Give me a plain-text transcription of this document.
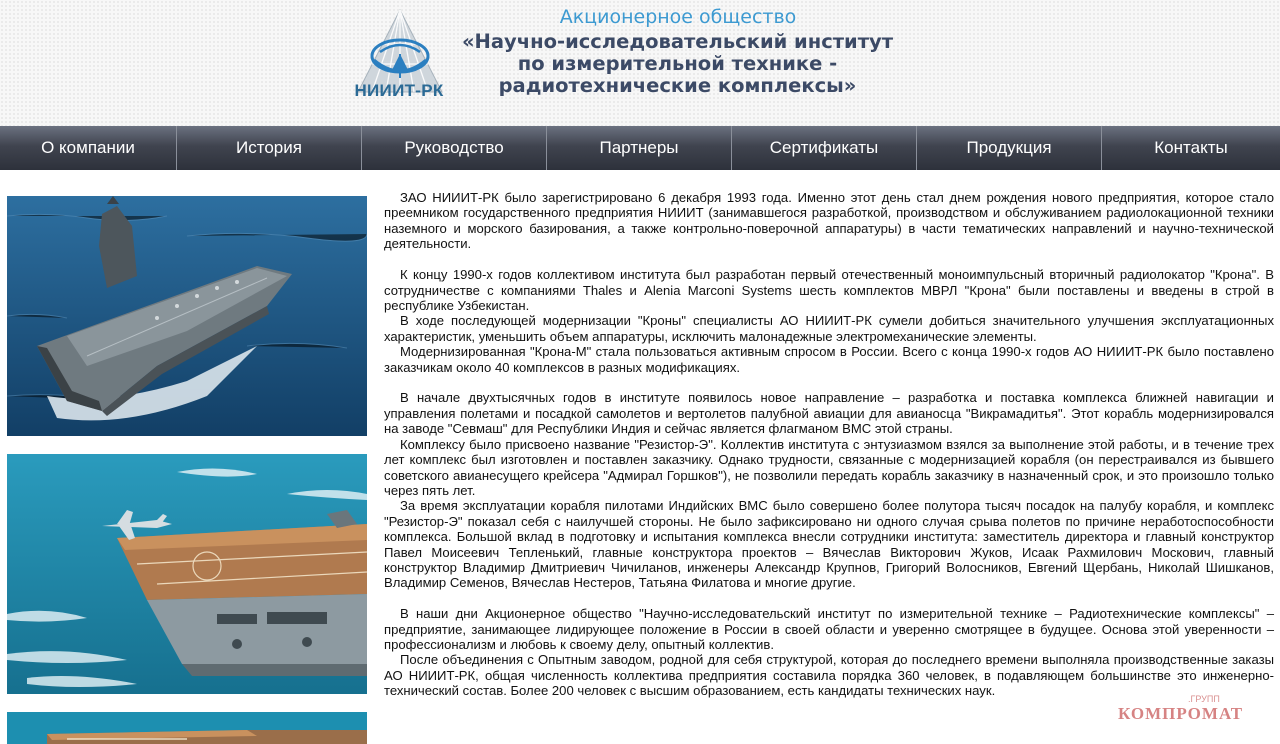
НИИИТ-РК
Акционерное общество
«Научно-исследовательский институт
по измерительной технике -
радиотехнические комплексы»
О компании	История	Руководство	Партнеры	Сертификаты	Продукция	Контакты

ЗАО НИИИТ-РК было зарегистрировано 6 декабря 1993 года. Именно этот день стал днем рождения нового предприятия, которое стало преемником государственного предприятия НИИИТ (занимавшегося разработкой, производством и обслуживанием радиолокационной техники наземного и морского базирования, а также контрольно-поверочной аппаратуры) в части тематических направлений и научно-технической деятельности.

К концу 1990-х годов коллективом института был разработан первый отечественный моноимпульсный вторичный радиолокатор "Крона". В сотрудничестве с компаниями Thales и Alenia Marconi Systems шесть комплектов МВРЛ "Крона" были поставлены и введены в строй в республике Узбекистан.

В ходе последующей модернизации "Кроны" специалисты АО НИИИТ-РК сумели добиться значительного улучшения эксплуатационных характеристик, уменьшить объем аппаратуры, исключить малонадежные электромеханические элементы.

Модернизированная "Крона-М" стала пользоваться активным спросом в России. Всего с конца 1990-х годов АО НИИИТ-РК было поставлено заказчикам около 40 комплексов в разных модификациях.

В начале двухтысячных годов в институте появилось новое направление – разработка и поставка комплекса ближней навигации и управления полетами и посадкой самолетов и вертолетов палубной авиации для авианосца "Викрамадитья". Этот корабль модернизировался на заводе "Севмаш" для Республики Индия и сейчас является флагманом ВМС этой страны.

Комплексу было присвоено название "Резистор-Э". Коллектив института с энтузиазмом взялся за выполнение этой работы, и в течение трех лет комплекс был изготовлен и поставлен заказчику. Однако трудности, связанные с модернизацией корабля (он перестраивался из бывшего советского авианесущего крейсера "Адмирал Горшков"), не позволили передать корабль заказчику в назначенный срок, и это произошло только через пять лет.

За время эксплуатации корабля пилотами Индийских ВМС было совершено более полутора тысяч посадок на палубу корабля, и комплекс "Резистор-Э" показал себя с наилучшей стороны. Не было зафиксировано ни одного случая срыва полетов по причине неработоспособности комплекса. Большой вклад в подготовку и испытания комплекса внесли сотрудники института: заместитель директора и главный конструктор Павел Моисеевич Тепленький, главные конструктора проектов – Вячеслав Викторович Жуков, Исаак Рахмилович Москович, главный конструктор Владимир Дмитриевич Чичиланов, инженеры Александр Крупнов, Григорий Волосников, Евгений Щербань, Николай Шишканов, Владимир Семенов, Вячеслав Нестеров, Татьяна Филатова и многие другие.

В наши дни Акционерное общество "Научно-исследовательский институт по измерительной технике – Радиотехнические комплексы" – предприятие, занимающее лидирующее положение в России в своей области и уверенно смотрящее в будущее. Основа этой уверенности – профессионализм и любовь к своему делу, опытный коллектив.

После объединения с Опытным заводом, родной для себя структурой, которая до последнего времени выполняла производственные заказы АО НИИИТ-РК, общая численность коллектива предприятия составила порядка 360 человек, в подавляющем большинстве это инженерно-технический состав. Более 200 человек с высшим образованием, есть кандидаты технических наук.

.ГРУПП
КОМПРОМАТ
